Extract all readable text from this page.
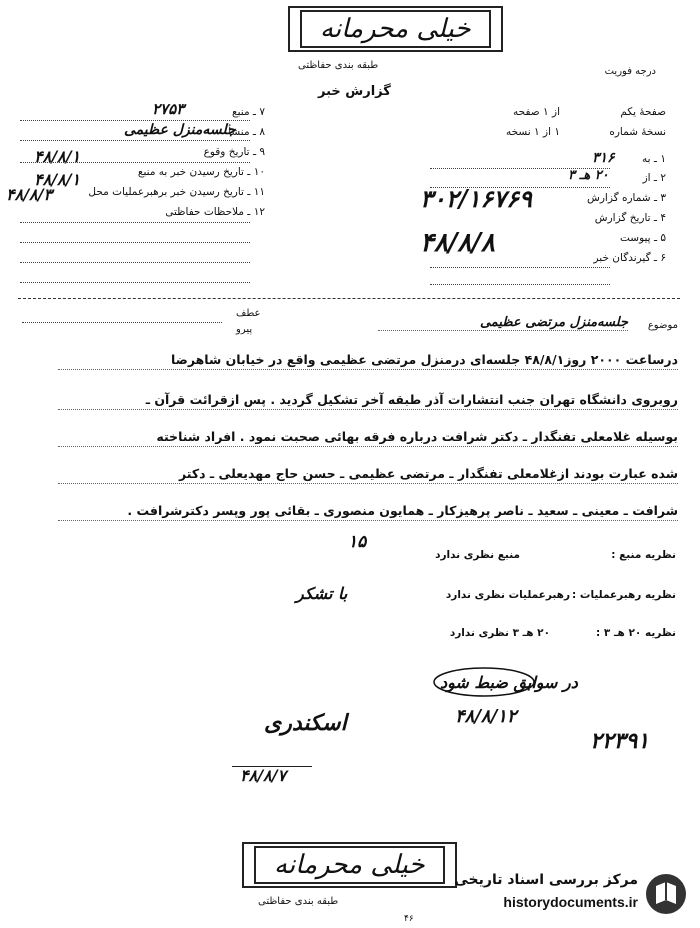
خیلی محرمانه
طبقه بندی حفاظتی
درجه فوریت
گزارش خبر
۷ ـ منبع
۲۷۵۳
۸ ـ منشأ
جلسه‌منزل عظیمی
۹ ـ تاریخ وقوع
۴۸/۸/۱
۱۰ ـ تاریخ رسیدن خبر به منبع
۴۸/۸/۱
۱۱ ـ تاریخ رسیدن خبر برهبرعملیات محل
۴۸/۸/۳
۱۲ ـ ملاحظات حفاظتی
صفحهٔ یکم
از ۱ صفحه
نسخهٔ شماره
۱ از ۱ نسخه
۱ ـ به
۳۱۶
۲ ـ از
۲۰ هـ ۳
۳ ـ شماره گزارش
۳۰۲/۱۶۷۶۹
۴ ـ تاریخ گزارش
۴۸/۸/۸	۵ ـ پیوست
۶ ـ گیرندگان خبر
عطف
پیرو	موضوع
جلسه‌منزل مرتضی عظیمی
درساعت ۲۰۰۰ روز۴۸/۸/۱ جلسه‌ای درمنزل مرتضی عظیمی واقع در خیابان شاهرضا
روبروی دانشگاه تهران جنب انتشارات آذر طبقه آخر تشکیل گردید . پس ازقرائت قرآن ـ
بوسیله غلامعلی تفنگدار ـ دکتر شرافت درباره فرقه بهائی صحبت نمود . افراد شناخته
شده عبارت بودند ازغلامعلی تفنگدار ـ مرتضی عظیمی ـ حسن حاج مهدیعلی ـ دکتر
شرافت ـ معینی ـ سعید ـ ناصر پرهیزکار ـ همایون منصوری ـ بقائی پور وپسر دکترشرافت .
۱۵
نظریه منبع :
منبع نظری ندارد
نظریه رهبرعملیات :
رهبرعملیات نظری ندارد
با تشکر
نظریه ۲۰ هـ ۳ :
۲۰ هـ ۳ نظری ندارد
در سوابق ضبط شود
۴۸/۸/۱۲
۲۲۳۹۱
اسکندری
۴۸/۸/۷
خیلی محرمانه
طبقه بندی حفاظتی
۴۶
مرکز بررسی اسناد تاریخی
historydocuments.ir
